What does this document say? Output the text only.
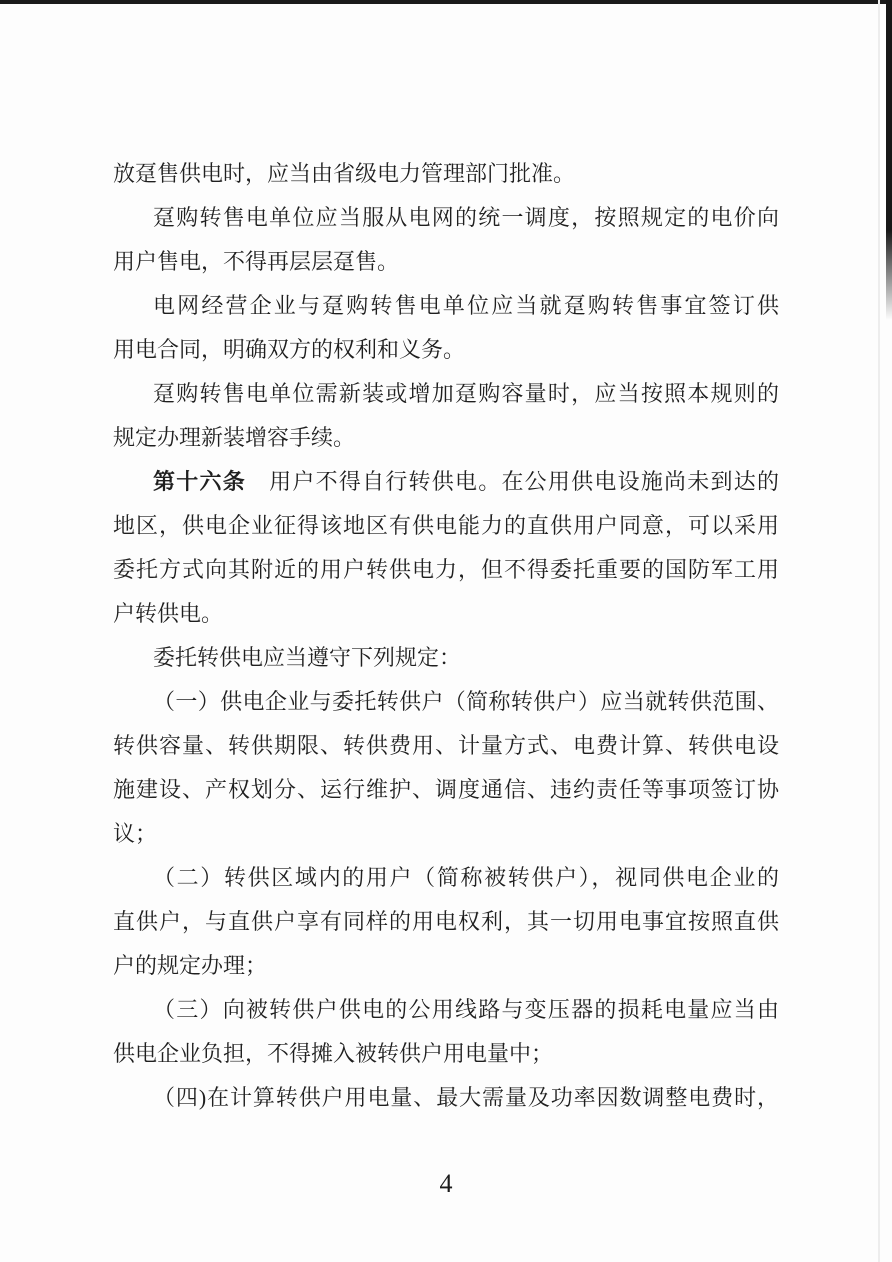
放趸售供电时，应当由省级电力管理部门批准。
趸购转售电单位应当服从电网的统一调度，按照规定的电价向
用户售电，不得再层层趸售。
电网经营企业与趸购转售电单位应当就趸购转售事宜签订供
用电合同，明确双方的权利和义务。
趸购转售电单位需新装或增加趸购容量时，应当按照本规则的
规定办理新装增容手续。
第十六条　用户不得自行转供电。在公用供电设施尚未到达的
地区，供电企业征得该地区有供电能力的直供用户同意，可以采用
委托方式向其附近的用户转供电力，但不得委托重要的国防军工用
户转供电。
委托转供电应当遵守下列规定：
（一）供电企业与委托转供户（简称转供户）应当就转供范围、
转供容量、转供期限、转供费用、计量方式、电费计算、转供电设
施建设、产权划分、运行维护、调度通信、违约责任等事项签订协
议；
（二）转供区域内的用户（简称被转供户），视同供电企业的
直供户，与直供户享有同样的用电权利，其一切用电事宜按照直供
户的规定办理；
（三）向被转供户供电的公用线路与变压器的损耗电量应当由
供电企业负担，不得摊入被转供户用电量中；
（四)在计算转供户用电量、最大需量及功率因数调整电费时，
4
